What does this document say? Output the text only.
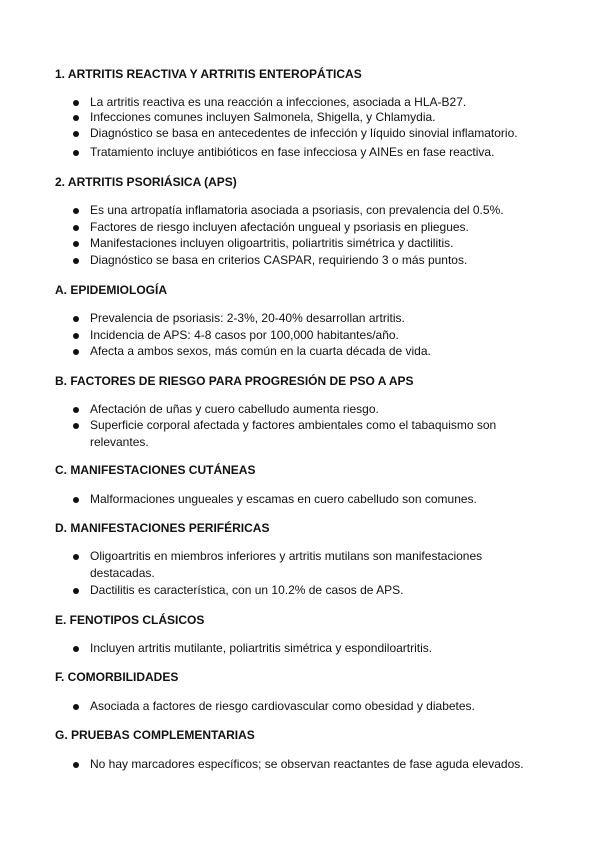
1. ARTRITIS REACTIVA Y ARTRITIS ENTEROPÁTICAS
La artritis reactiva es una reacción a infecciones, asociada a HLA-B27.
Infecciones comunes incluyen Salmonela, Shigella, y Chlamydia.
Diagnóstico se basa en antecedentes de infección y líquido sinovial inflamatorio.
Tratamiento incluye antibióticos en fase infecciosa y AINEs en fase reactiva.
2. ARTRITIS PSORIÁSICA (APS)
Es una artropatía inflamatoria asociada a psoriasis, con prevalencia del 0.5%.
Factores de riesgo incluyen afectación ungueal y psoriasis en pliegues.
Manifestaciones incluyen oligoartritis, poliartritis simétrica y dactilitis.
Diagnóstico se basa en criterios CASPAR, requiriendo 3 o más puntos.
A. EPIDEMIOLOGÍA
Prevalencia de psoriasis: 2-3%, 20-40% desarrollan artritis.
Incidencia de APS: 4-8 casos por 100,000 habitantes/año.
Afecta a ambos sexos, más común en la cuarta década de vida.
B. FACTORES DE RIESGO PARA PROGRESIÓN DE PSO A APS
Afectación de uñas y cuero cabelludo aumenta riesgo.
Superficie corporal afectada y factores ambientales como el tabaquismo son relevantes.
C. MANIFESTACIONES CUTÁNEAS
Malformaciones ungueales y escamas en cuero cabelludo son comunes.
D. MANIFESTACIONES PERIFÉRICAS
Oligoartritis en miembros inferiores y artritis mutilans son manifestaciones destacadas.
Dactilitis es característica, con un 10.2% de casos de APS.
E. FENOTIPOS CLÁSICOS
Incluyen artritis mutilante, poliartritis simétrica y espondiloartritis.
F. COMORBILIDADES
Asociada a factores de riesgo cardiovascular como obesidad y diabetes.
G. PRUEBAS COMPLEMENTARIAS
No hay marcadores específicos; se observan reactantes de fase aguda elevados.
